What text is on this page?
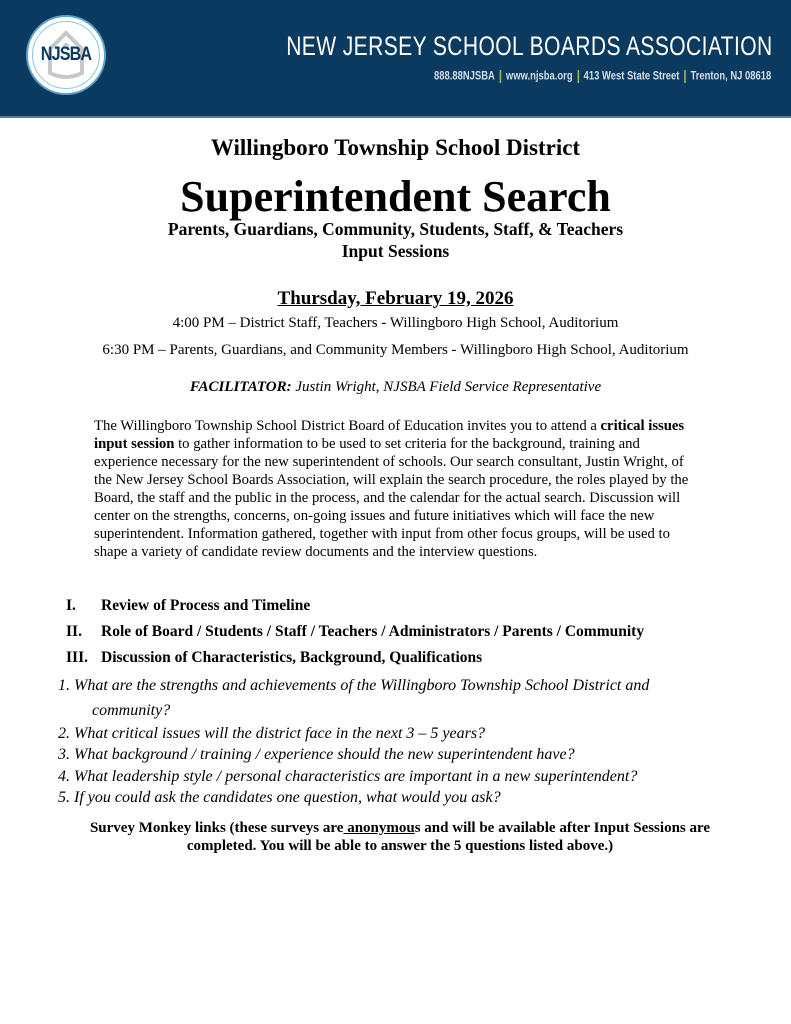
NJSBA	NEW JERSEY SCHOOL BOARDS ASSOCIATION
888.88NJSBA www.njsba.org 413 West State Street Trenton, NJ 08618
Willingboro Township School District
Superintendent Search
Parents, Guardians, Community, Students, Staff, & Teachers
Input Sessions
Thursday, February 19, 2026
4:00 PM – District Staff, Teachers - Willingboro High School, Auditorium
6:30 PM – Parents, Guardians, and Community Members - Willingboro High School, Auditorium
FACILITATOR: Justin Wright, NJSBA Field Service Representative
The Willingboro Township School District Board of Education invites you to attend a critical issues input session to gather information to be used to set criteria for the background, training and experience necessary for the new superintendent of schools. Our search consultant, Justin Wright, of the New Jersey School Boards Association, will explain the search procedure, the roles played by the Board, the staff and the public in the process, and the calendar for the actual search. Discussion will center on the strengths, concerns, on-going issues and future initiatives which will face the new superintendent. Information gathered, together with input from other focus groups, will be used to shape a variety of candidate review documents and the interview questions.
I. Review of Process and Timeline
II. Role of Board / Students / Staff / Teachers / Administrators / Parents / Community
III. Discussion of Characteristics, Background, Qualifications
1. What are the strengths and achievements of the Willingboro Township School District and
community?
2. What critical issues will the district face in the next 3 – 5 years?
3. What background / training / experience should the new superintendent have?
4. What leadership style / personal characteristics are important in a new superintendent?
5. If you could ask the candidates one question, what would you ask?
Survey Monkey links (these surveys are anonymous and will be available after Input Sessions are completed. You will be able to answer the 5 questions listed above.)
